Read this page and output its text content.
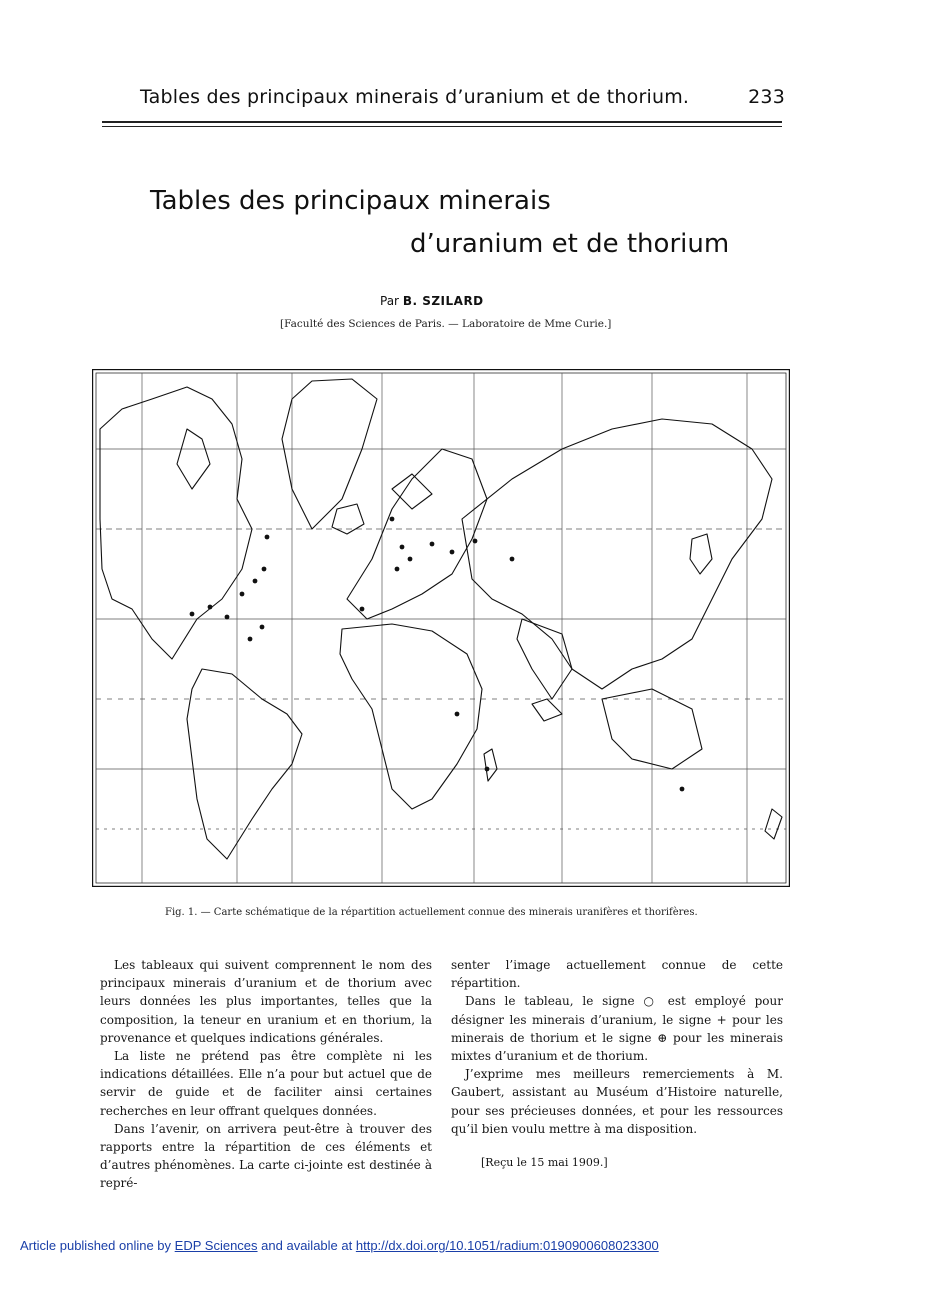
Tables des principaux minerais d’uranium et de thorium.	233
Tables des principaux minerais
d’uranium et de thorium
Par B. SZILARD
[Faculté des Sciences de Paris. — Laboratoire de Mme Curie.]
Fig. 1. — Carte schématique de la répartition actuellement connue des minerais uranifères et thorifères.

Les tableaux qui suivent comprennent le nom des principaux minerais d’uranium et de thorium avec leurs données les plus importantes, telles que la composition, la teneur en uranium et en thorium, la provenance et quelques indications générales.

La liste ne prétend pas être complète ni les indications détaillées. Elle n’a pour but actuel que de servir de guide et de faciliter ainsi certaines recherches en leur offrant quelques données.

Dans l’avenir, on arrivera peut-être à trouver des rapports entre la répartition de ces éléments et d’autres phénomènes. La carte ci-jointe est destinée à repré-

senter l’image actuellement connue de cette répartition.

Dans le tableau, le signe ○ est employé pour désigner les minerais d’uranium, le signe + pour les minerais de thorium et le signe ⊕ pour les minerais mixtes d’uranium et de thorium.

J’exprime mes meilleurs remerciements à M. Gaubert, assistant au Muséum d’Histoire naturelle, pour ses précieuses données, et pour les ressources qu’il bien voulu mettre à ma disposition.

[Reçu le 15 mai 1909.]
Article published online by EDP Sciences and available at http://dx.doi.org/10.1051/radium:0190900608023300
